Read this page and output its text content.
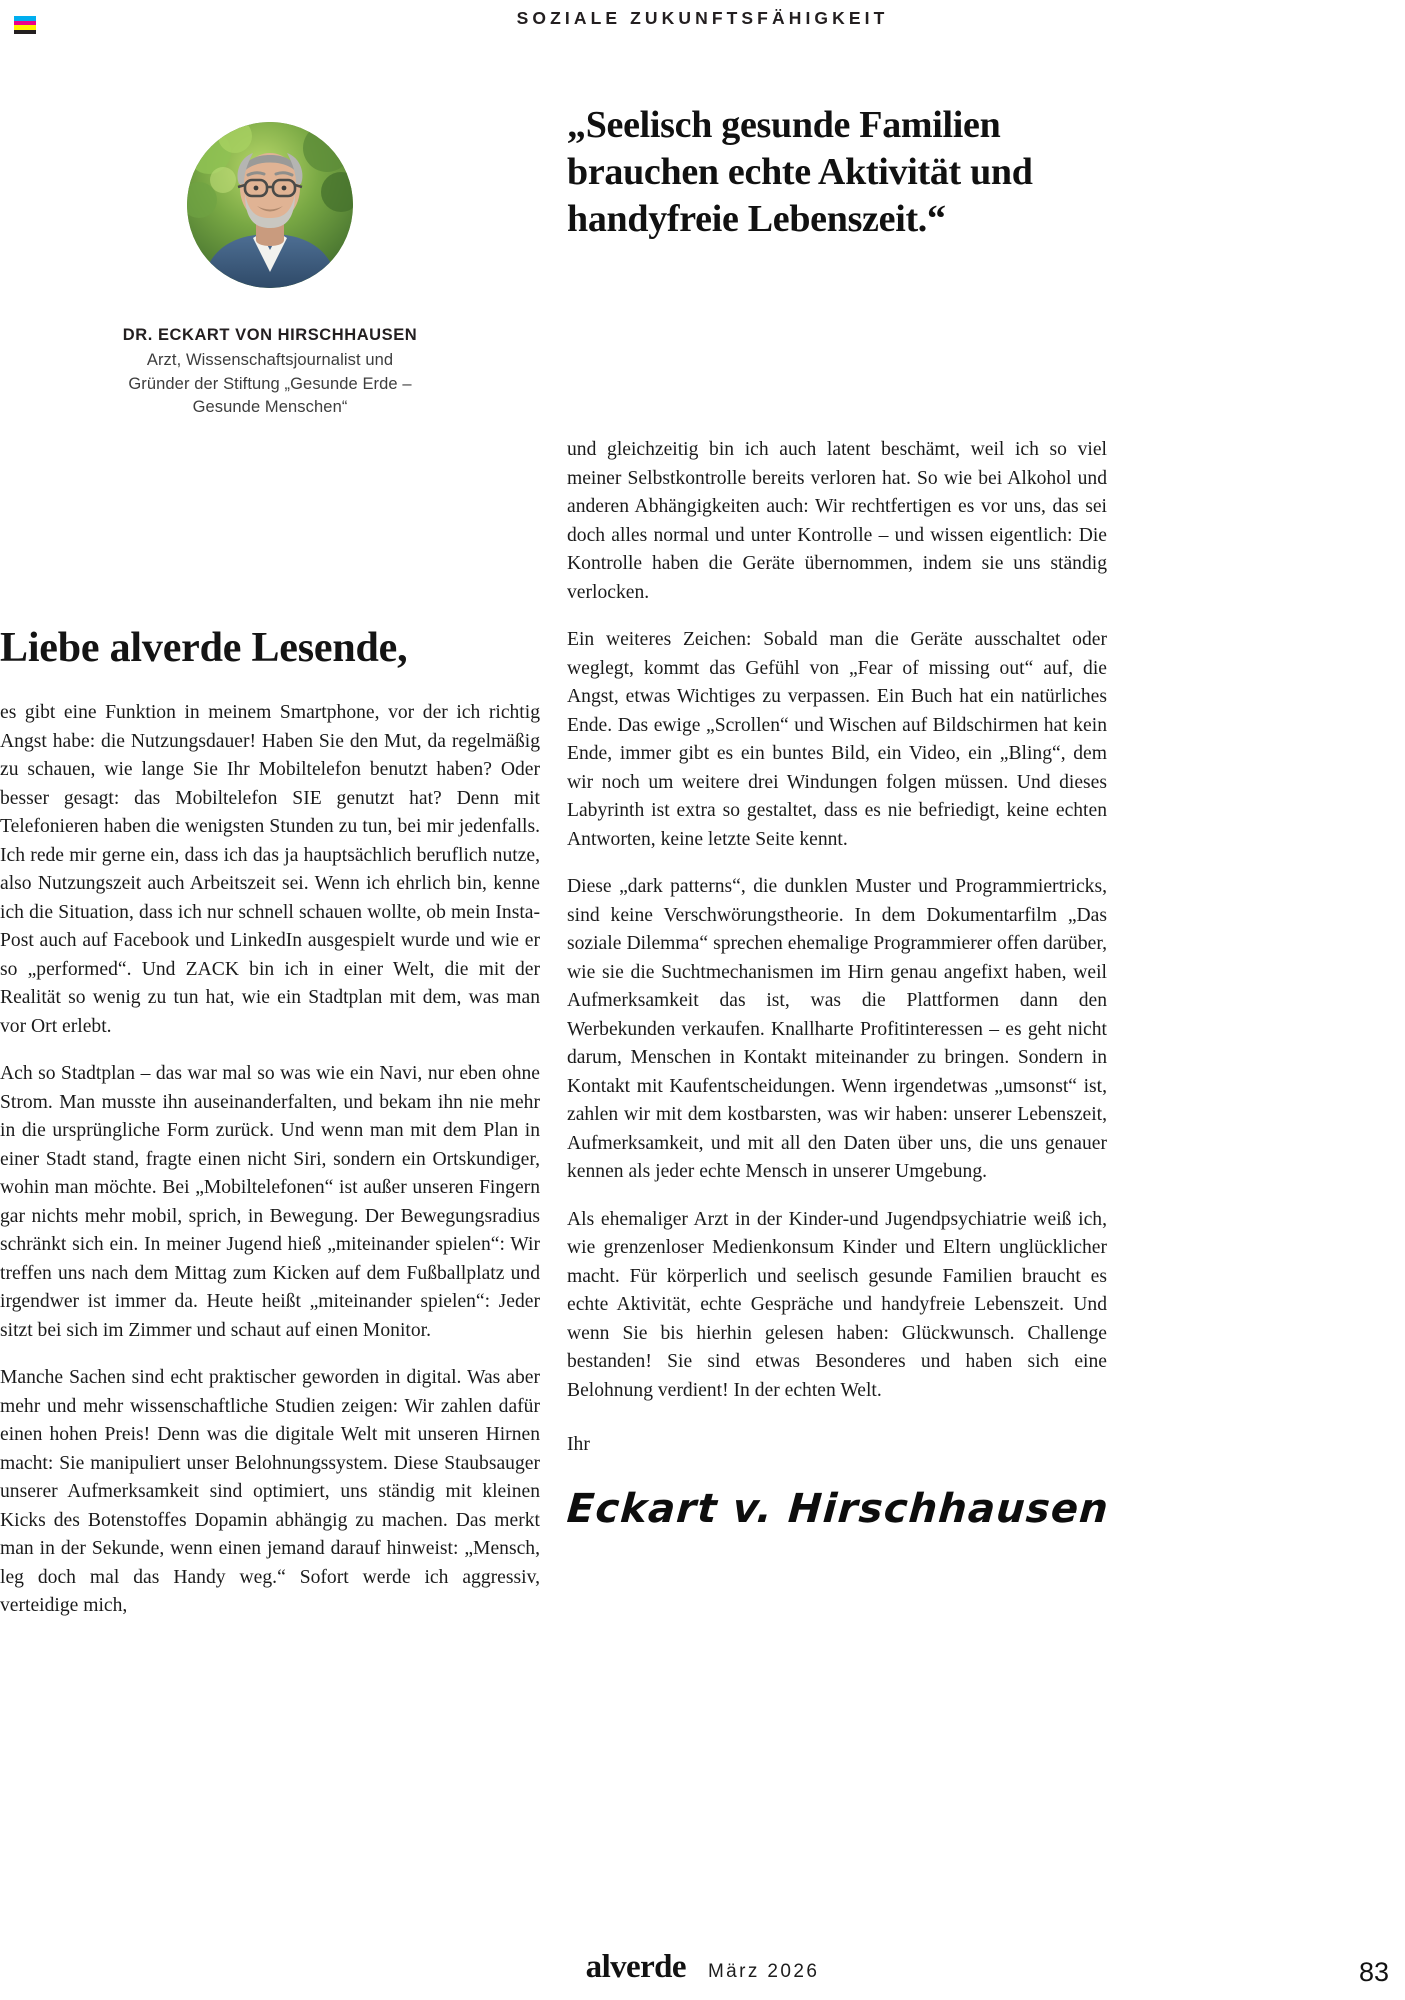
SOZIALE ZUKUNFTSFÄHIGKEIT
DR. ECKART VON HIRSCHHAUSEN
Arzt, Wissenschaftsjournalist und
Gründer der Stiftung „Gesunde Erde –
Gesunde Menschen“
Liebe alverde Lesende,

es gibt eine Funktion in meinem Smartphone, vor der ich richtig Angst habe: die Nutzungsdauer! Haben Sie den Mut, da regelmäßig zu schauen, wie lange Sie Ihr Mobiltelefon benutzt haben? Oder besser gesagt: das Mobiltelefon SIE genutzt hat? Denn mit Telefonieren haben die wenigsten Stunden zu tun, bei mir jedenfalls. Ich rede mir gerne ein, dass ich das ja hauptsächlich beruflich nutze, also Nutzungszeit auch Arbeitszeit sei. Wenn ich ehrlich bin, kenne ich die Situation, dass ich nur schnell schauen wollte, ob mein Insta-Post auch auf Facebook und LinkedIn ausgespielt wurde und wie er so „performed“. Und ZACK bin ich in einer Welt, die mit der Realität so wenig zu tun hat, wie ein Stadtplan mit dem, was man vor Ort erlebt.

Ach so Stadtplan – das war mal so was wie ein Navi, nur eben ohne Strom. Man musste ihn auseinanderfalten, und bekam ihn nie mehr in die ursprüngliche Form zurück. Und wenn man mit dem Plan in einer Stadt stand, fragte einen nicht Siri, sondern ein Ortskundiger, wohin man möchte. Bei „Mobiltelefonen“ ist außer unseren Fingern gar nichts mehr mobil, sprich, in Bewegung. Der Bewegungsradius schränkt sich ein. In meiner Jugend hieß „miteinander spielen“: Wir treffen uns nach dem Mittag zum Kicken auf dem Fußballplatz und irgendwer ist immer da. Heute heißt „miteinander spielen“: Jeder sitzt bei sich im Zimmer und schaut auf einen Monitor.

Manche Sachen sind echt praktischer geworden in digital. Was aber mehr und mehr wissenschaftliche Studien zeigen: Wir zahlen dafür einen hohen Preis! Denn was die digitale Welt mit unseren Hirnen macht: Sie manipuliert unser Belohnungssystem. Diese Staubsauger unserer Aufmerksamkeit sind optimiert, uns ständig mit kleinen Kicks des Botenstoffes Dopamin abhängig zu machen. Das merkt man in der Sekunde, wenn einen jemand darauf hinweist: „Mensch, leg doch mal das Handy weg.“ Sofort werde ich aggressiv, verteidige mich,

„Seelisch gesunde Familien brauchen echte Aktivität und handyfreie Lebenszeit.“

und gleichzeitig bin ich auch latent beschämt, weil ich so viel meiner Selbstkontrolle bereits verloren hat. So wie bei Alkohol und anderen Abhängigkeiten auch: Wir rechtfertigen es vor uns, das sei doch alles normal und unter Kontrolle – und wissen eigentlich: Die Kontrolle haben die Geräte übernommen, indem sie uns ständig verlocken.

Ein weiteres Zeichen: Sobald man die Geräte ausschaltet oder weglegt, kommt das Gefühl von „Fear of missing out“ auf, die Angst, etwas Wichtiges zu verpassen. Ein Buch hat ein natürliches Ende. Das ewige „Scrollen“ und Wischen auf Bildschirmen hat kein Ende, immer gibt es ein buntes Bild, ein Video, ein „Bling“, dem wir noch um weitere drei Windungen folgen müssen. Und dieses Labyrinth ist extra so gestaltet, dass es nie befriedigt, keine echten Antworten, keine letzte Seite kennt.

Diese „dark patterns“, die dunklen Muster und Programmiertricks, sind keine Verschwörungstheorie. In dem Dokumentarfilm „Das soziale Dilemma“ sprechen ehemalige Programmierer offen darüber, wie sie die Suchtmechanismen im Hirn genau angefixt haben, weil Aufmerksamkeit das ist, was die Plattformen dann den Werbekunden verkaufen. Knallharte Profitinteressen – es geht nicht darum, Menschen in Kontakt miteinander zu bringen. Sondern in Kontakt mit Kaufentscheidungen. Wenn irgendetwas „umsonst“ ist, zahlen wir mit dem kostbarsten, was wir haben: unserer Lebenszeit, Aufmerksamkeit, und mit all den Daten über uns, die uns genauer kennen als jeder echte Mensch in unserer Umgebung.

Als ehemaliger Arzt in der Kinder-und Jugendpsychiatrie weiß ich, wie grenzenloser Medienkonsum Kinder und Eltern unglücklicher macht. Für körperlich und seelisch gesunde Familien braucht es echte Aktivität, echte Gespräche und handyfreie Lebenszeit. Und wenn Sie bis hierhin gelesen haben: Glückwunsch. Challenge bestanden! Sie sind etwas Besonderes und haben sich eine Belohnung verdient! In der echten Welt.

Ihr

Eckart v. Hirschhausen
alverde März 2026	83
